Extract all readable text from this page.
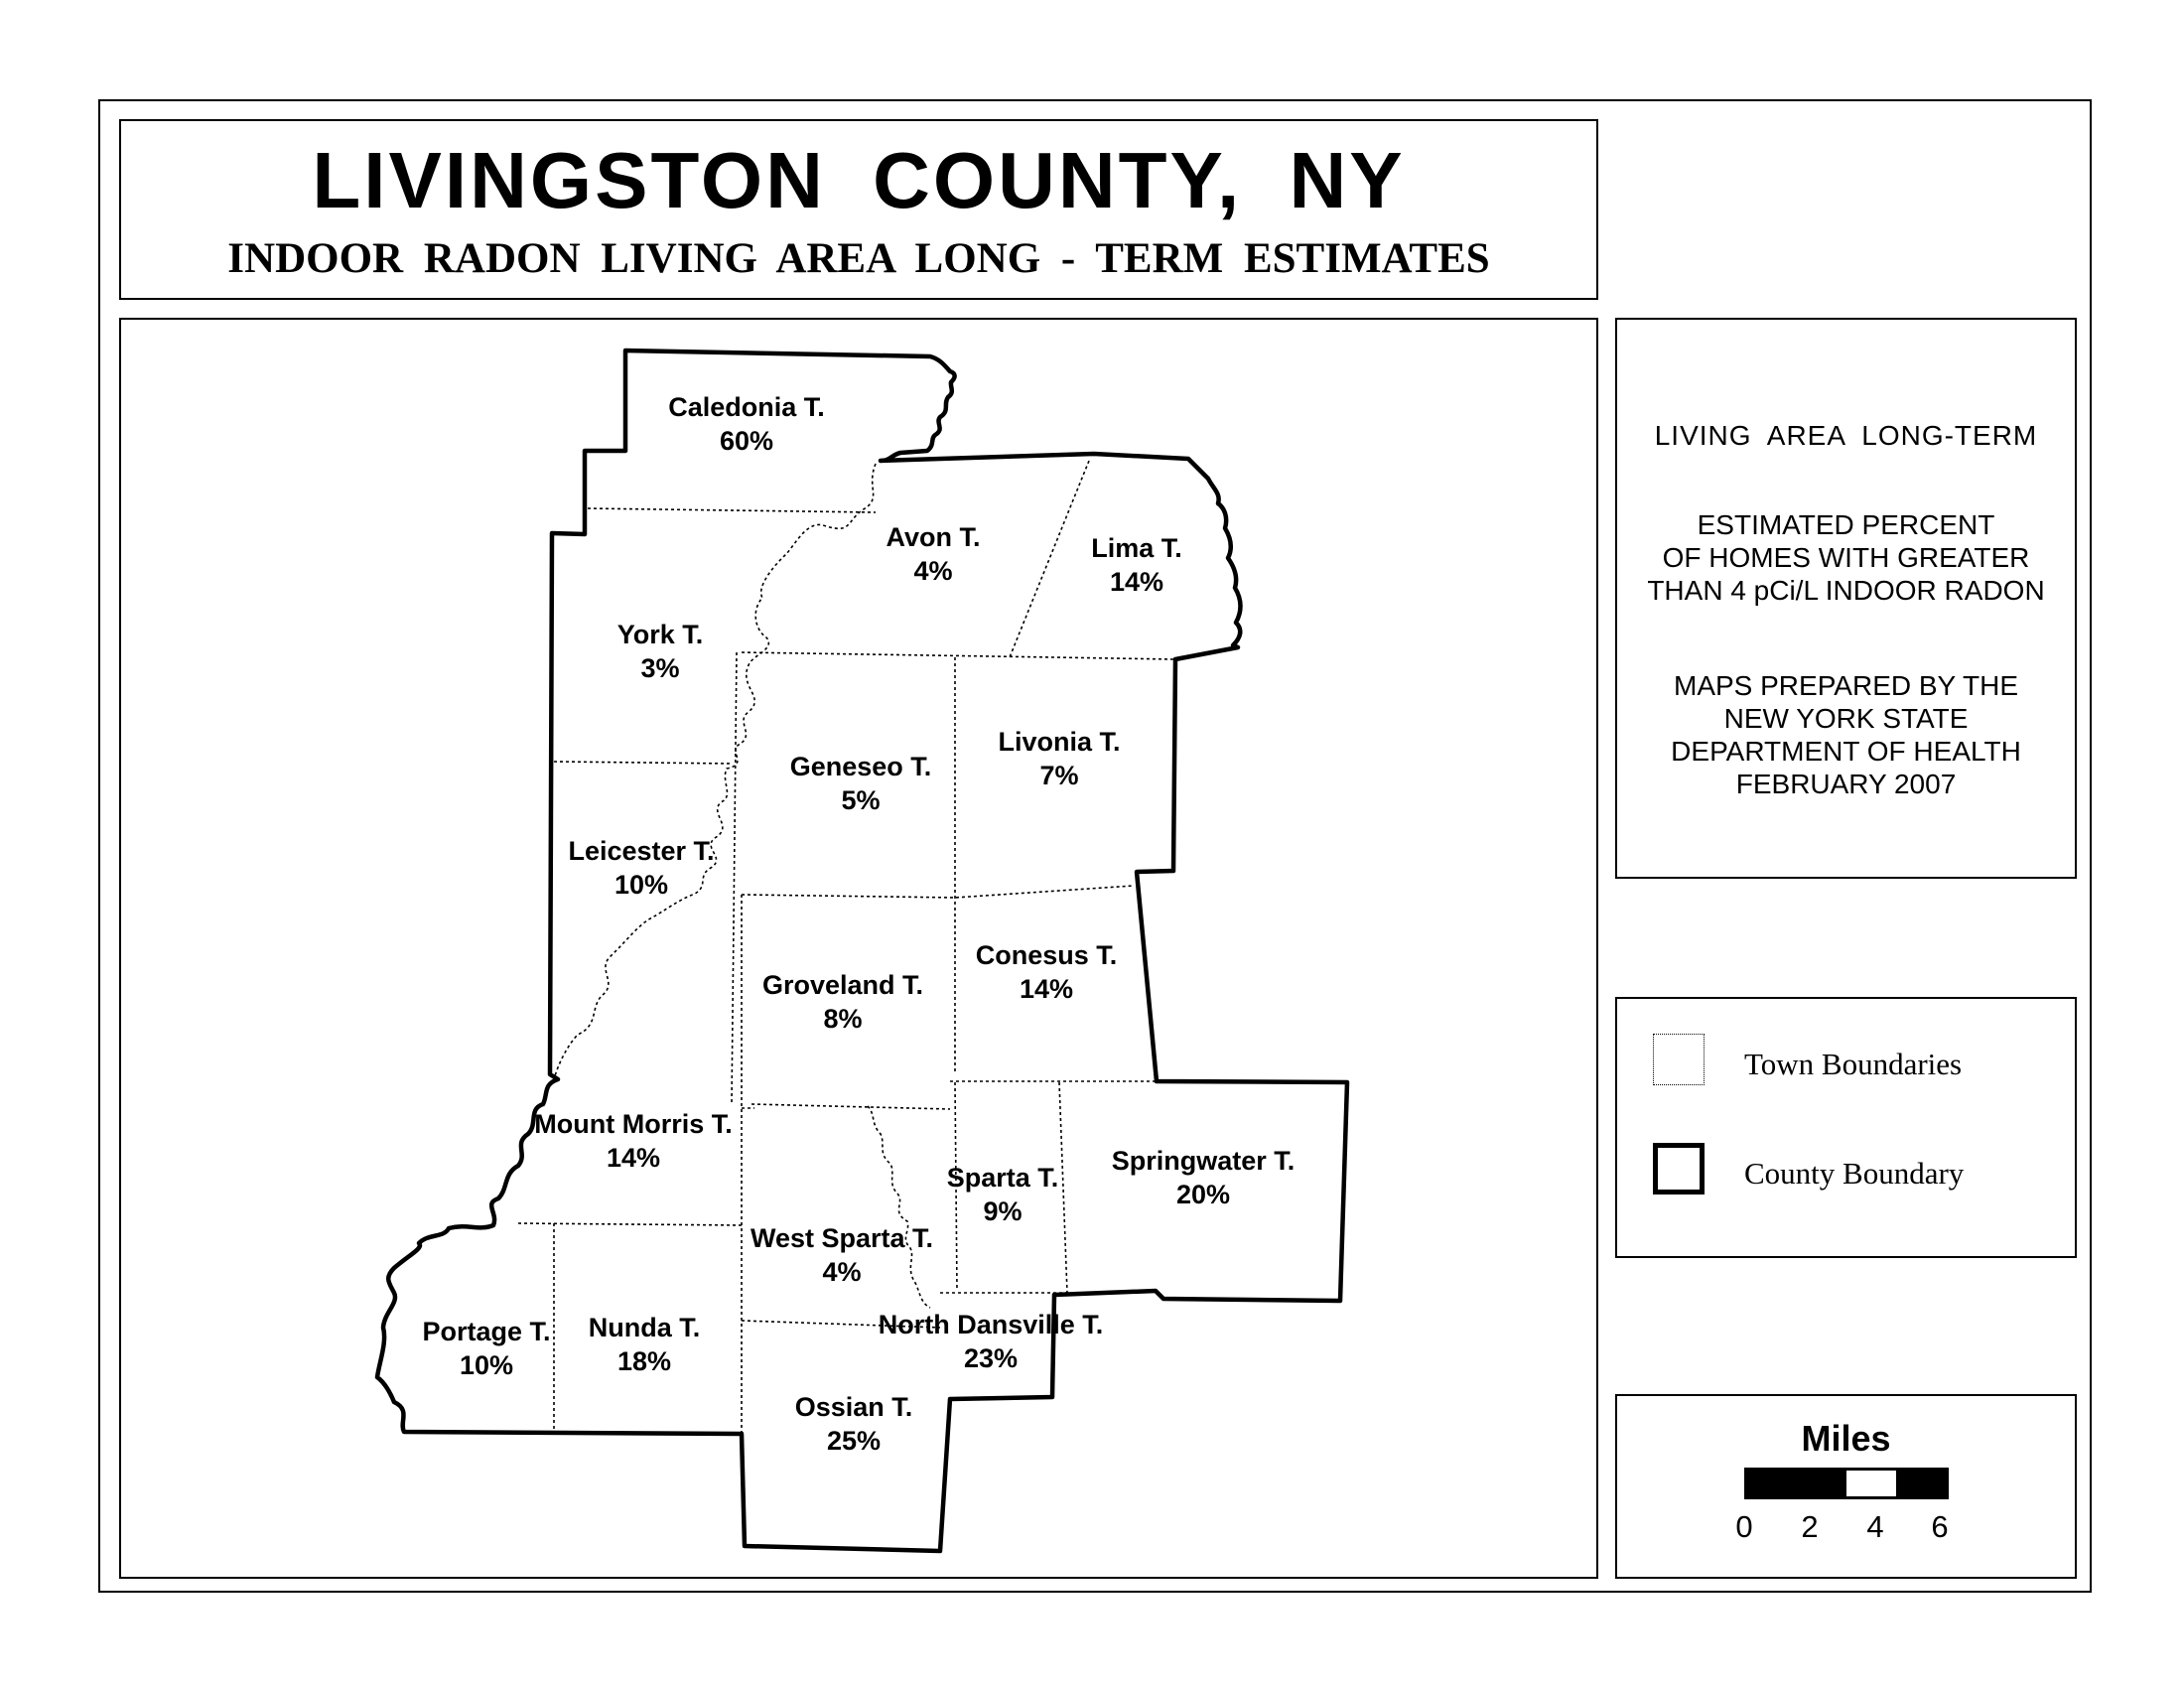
LIVINGSTON COUNTY, NY
INDOOR RADON LIVING AREA LONG - TERM ESTIMATES
Caledonia T.
60%
Avon T.
4%
Lima T.
14%
York T.
3%
Geneseo T.
5%
Livonia T.
7%
Leicester T.
10%
Groveland T.
8%
Conesus T.
14%
Mount Morris T.
14%
Sparta T.
9%
Springwater T.
20%
West Sparta T.
4%
Portage T.
10%
Nunda T.
18%
North Dansville T.
23%
Ossian T.
25%
LIVING AREA LONG-TERM
ESTIMATED PERCENT
OF HOMES WITH GREATER
THAN 4 pCi/L INDOOR RADON
MAPS PREPARED BY THE
NEW YORK STATE
DEPARTMENT OF HEALTH
FEBRUARY 2007
Town Boundaries
County Boundary
Miles
0	2	4	6
